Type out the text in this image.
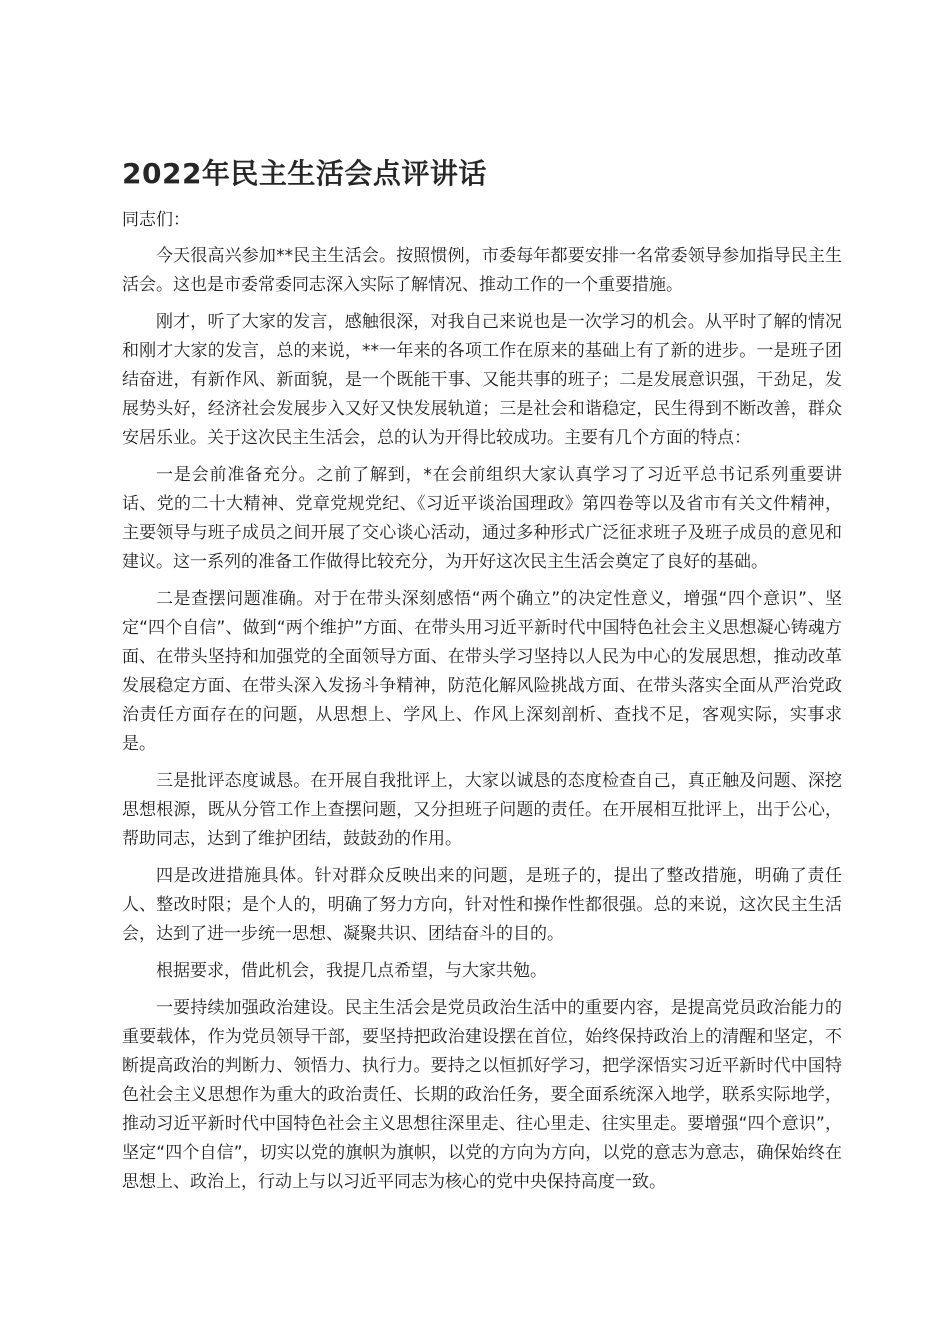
2022年民主生活会点评讲话

同志们：

今天很高兴参加**民主生活会。按照惯例，市委每年都要安排一名常委领导参加指导民主生活会。这也是市委常委同志深入实际了解情况、推动工作的一个重要措施。

刚才，听了大家的发言，感触很深，对我自己来说也是一次学习的机会。从平时了解的情况和刚才大家的发言，总的来说，**一年来的各项工作在原来的基础上有了新的进步。一是班子团结奋进，有新作风、新面貌，是一个既能干事、又能共事的班子；二是发展意识强，干劲足，发展势头好，经济社会发展步入又好又快发展轨道；三是社会和谐稳定，民生得到不断改善，群众安居乐业。关于这次民主生活会，总的认为开得比较成功。主要有几个方面的特点：

一是会前准备充分。之前了解到，*在会前组织大家认真学习了习近平总书记系列重要讲话、党的二十大精神、党章党规党纪、《习近平谈治国理政》第四卷等以及省市有关文件精神，主要领导与班子成员之间开展了交心谈心活动，通过多种形式广泛征求班子及班子成员的意见和建议。这一系列的准备工作做得比较充分，为开好这次民主生活会奠定了良好的基础。

二是查摆问题准确。对于在带头深刻感悟“两个确立”的决定性意义，增强“四个意识”、坚定“四个自信”、做到“两个维护”方面、在带头用习近平新时代中国特色社会主义思想凝心铸魂方面、在带头坚持和加强党的全面领导方面、在带头学习坚持以人民为中心的发展思想，推动改革发展稳定方面、在带头深入发扬斗争精神，防范化解风险挑战方面、在带头落实全面从严治党政治责任方面存在的问题，从思想上、学风上、作风上深刻剖析、查找不足，客观实际，实事求是。

三是批评态度诚恳。在开展自我批评上，大家以诚恳的态度检查自己，真正触及问题、深挖思想根源，既从分管工作上查摆问题，又分担班子问题的责任。在开展相互批评上，出于公心，帮助同志，达到了维护团结，鼓鼓劲的作用。

四是改进措施具体。针对群众反映出来的问题，是班子的，提出了整改措施，明确了责任人、整改时限；是个人的，明确了努力方向，针对性和操作性都很强。总的来说，这次民主生活会，达到了进一步统一思想、凝聚共识、团结奋斗的目的。

根据要求，借此机会，我提几点希望，与大家共勉。

一要持续加强政治建设。民主生活会是党员政治生活中的重要内容，是提高党员政治能力的重要载体，作为党员领导干部，要坚持把政治建设摆在首位，始终保持政治上的清醒和坚定，不断提高政治的判断力、领悟力、执行力。要持之以恒抓好学习，把学深悟实习近平新时代中国特色社会主义思想作为重大的政治责任、长期的政治任务，要全面系统深入地学，联系实际地学，推动习近平新时代中国特色社会主义思想往深里走、往心里走、往实里走。要增强“四个意识”，坚定“四个自信”，切实以党的旗帜为旗帜，以党的方向为方向，以党的意志为意志，确保始终在思想上、政治上，行动上与以习近平同志为核心的党中央保持高度一致。
